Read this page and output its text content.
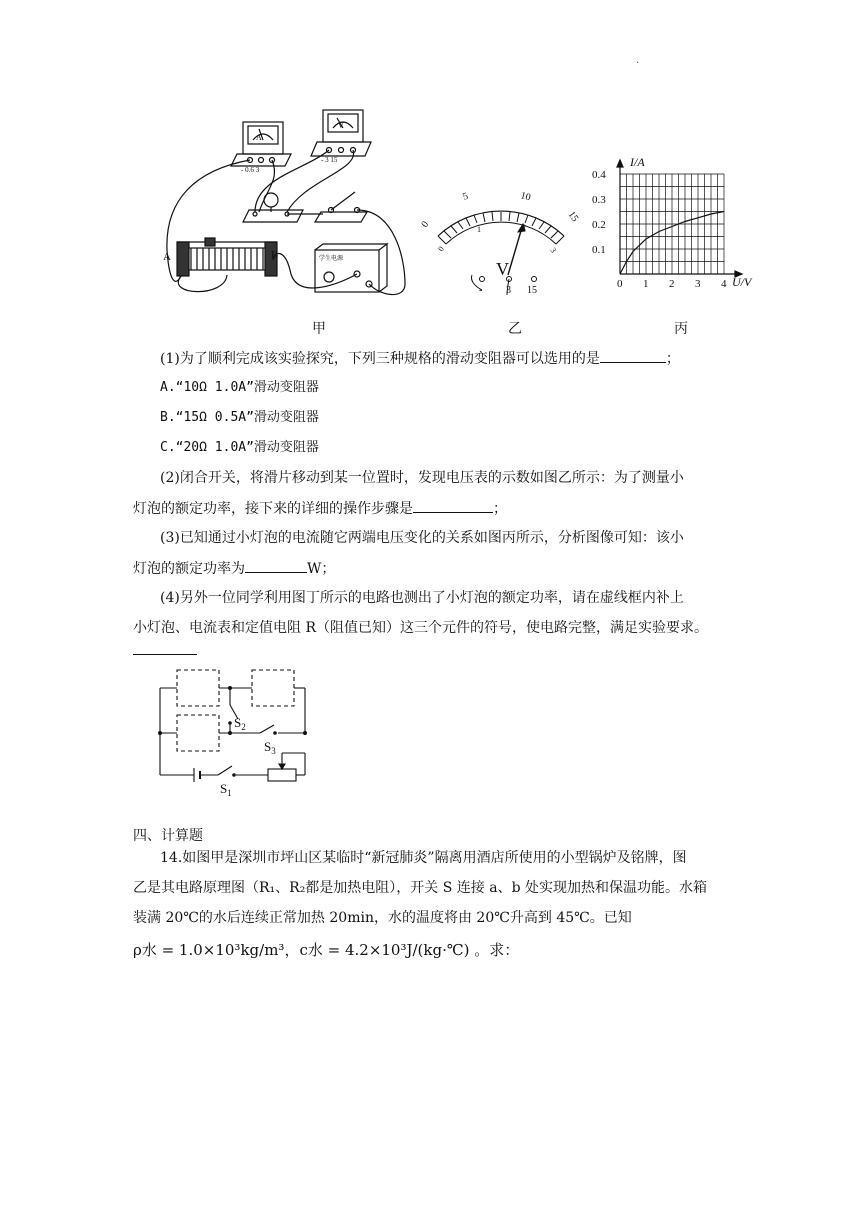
·
A
V
- 0.6 3
- 3 15
学生电源
A	B
甲
0
5	10
15
0
1	2
3
V
- 3 15
乙
0 1 2 3 4
0.1
0.2
0.3
0.4
I/A
U/V
丙
(1)为了顺利完成该实验探究，下列三种规格的滑动变阻器可以选用的是	；
A.“10Ω 1.0A”滑动变阻器
B.“15Ω 0.5A”滑动变阻器
C.“20Ω 1.0A”滑动变阻器
(2)闭合开关，将滑片移动到某一位置时，发现电压表的示数如图乙所示：为了测量小
灯泡的额定功率，接下来的详细的操作步骤是	；
(3)已知通过小灯泡的电流随它两端电压变化的关系如图丙所示，分析图像可知：该小
灯泡的额定功率为	W；
(4)另外一位同学利用图丁所示的电路也测出了小灯泡的额定功率，请在虚线框内补上
小灯泡、电流表和定值电阻 R（阻值已知）这三个元件的符号，使电路完整，满足实验要求。
$S_2$
$S_3$
$S_1$
四、计算题
14.如图甲是深圳市坪山区某临时“新冠肺炎”隔离用酒店所使用的小型锅炉及铭牌，图
乙是其电路原理图（R₁、R₂都是加热电阻），开关 S 连接 a、b 处实现加热和保温功能。水箱
装满 20℃的水后连续正常加热 20min，水的温度将由 20℃升高到 45℃。已知
ρ水 = 1.0×10³kg/m³，c水 = 4.2×10³J/(kg·℃) 。求：
